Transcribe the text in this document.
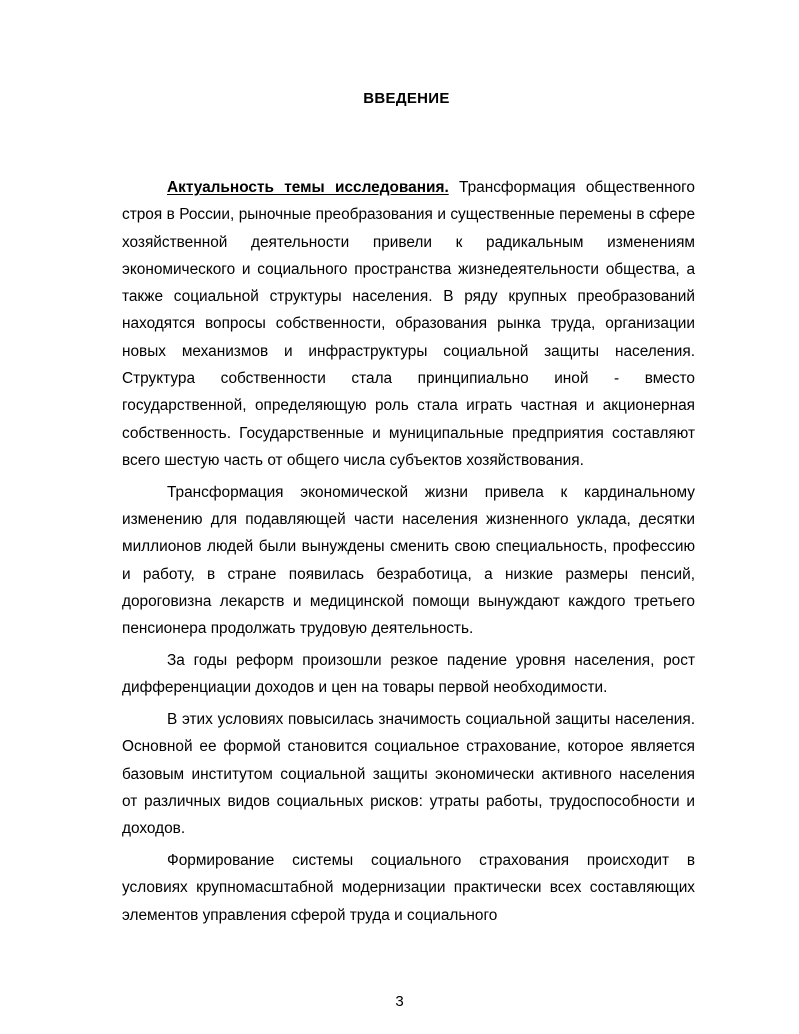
ВВЕДЕНИЕ

Актуальность темы исследования. Трансформация общественного строя в России, рыночные преобразования и существенные перемены в сфере хозяйственной деятельности привели к радикальным изменениям экономического и социального пространства жизнедеятельности общества, а также социальной структуры населения. В ряду крупных преобразований находятся вопросы собственности, образования рынка труда, организации новых механизмов и инфраструктуры социальной защиты населения. Структура собственности стала принципиально иной - вместо государственной, определяющую роль стала играть частная и акционерная собственность. Государственные и муниципальные предприятия составляют всего шестую часть от общего числа субъектов хозяйствования.

Трансформация экономической жизни привела к кардинальному изменению для подавляющей части населения жизненного уклада, десятки миллионов людей были вынуждены сменить свою специальность, профессию и работу, в стране появилась безработица, а низкие размеры пенсий, дороговизна лекарств и медицинской помощи вынуждают каждого третьего пенсионера продолжать трудовую деятельность.

За годы реформ произошли резкое падение уровня населения, рост дифференциации доходов и цен на товары первой необходимости.

В этих условиях повысилась значимость социальной защиты населения. Основной ее формой становится социальное страхование, которое является базовым институтом социальной защиты экономически активного населения от различных видов социальных рисков: утраты работы, трудоспособности и доходов.

Формирование системы социального страхования происходит в условиях крупномасштабной модернизации практически всех составляющих элементов управления сферой труда и социального

3
